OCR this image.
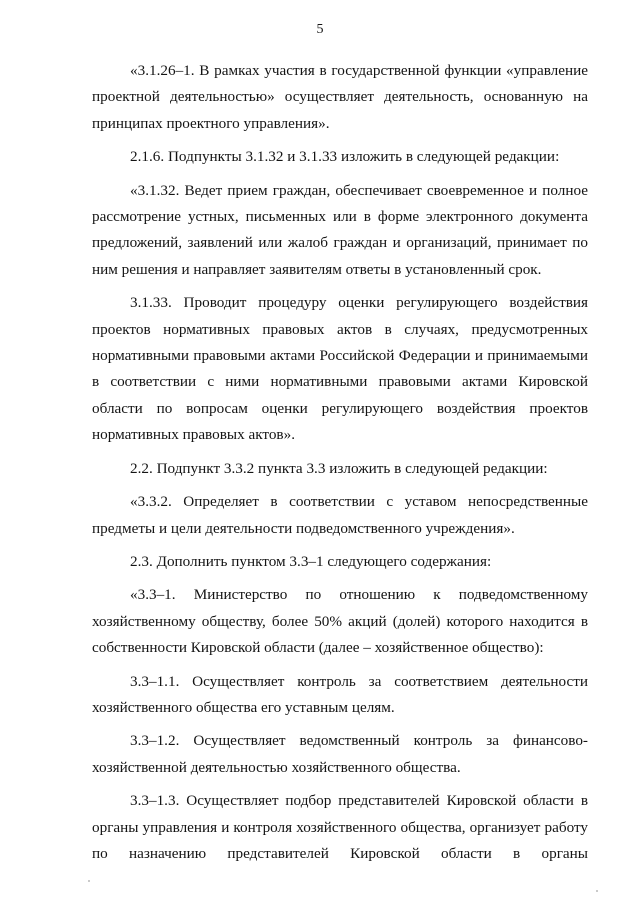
5

«3.1.26–1. В рамках участия в государственной функции «управление проектной деятельностью» осуществляет деятельность, основанную на принципах проектного управления».

2.1.6. Подпункты 3.1.32 и 3.1.33 изложить в следующей редакции:

«3.1.32. Ведет прием граждан, обеспечивает своевременное и полное рассмотрение устных, письменных или в форме электронного документа предложений, заявлений или жалоб граждан и организаций, принимает по ним решения и направляет заявителям ответы в установленный срок.

3.1.33. Проводит процедуру оценки регулирующего воздействия проектов нормативных правовых актов в случаях, предусмотренных нормативными правовыми актами Российской Федерации и принимаемыми в соответствии с ними нормативными правовыми актами Кировской области по вопросам оценки регулирующего воздействия проектов нормативных правовых актов».

2.2. Подпункт 3.3.2 пункта 3.3 изложить в следующей редакции:

«3.3.2. Определяет в соответствии с уставом непосредственные предметы и цели деятельности подведомственного учреждения».

2.3. Дополнить пунктом 3.3–1 следующего содержания:

«3.3–1. Министерство по отношению к подведомственному хозяйственному обществу, более 50% акций (долей) которого находится в собственности Кировской области (далее – хозяйственное общество):

3.3–1.1. Осуществляет контроль за соответствием деятельности хозяйственного общества его уставным целям.

3.3–1.2. Осуществляет ведомственный контроль за финансово-хозяйственной деятельностью хозяйственного общества.

3.3–1.3. Осуществляет подбор представителей Кировской области в органы управления и контроля хозяйственного общества, организует работу по назначению представителей Кировской области в органы
